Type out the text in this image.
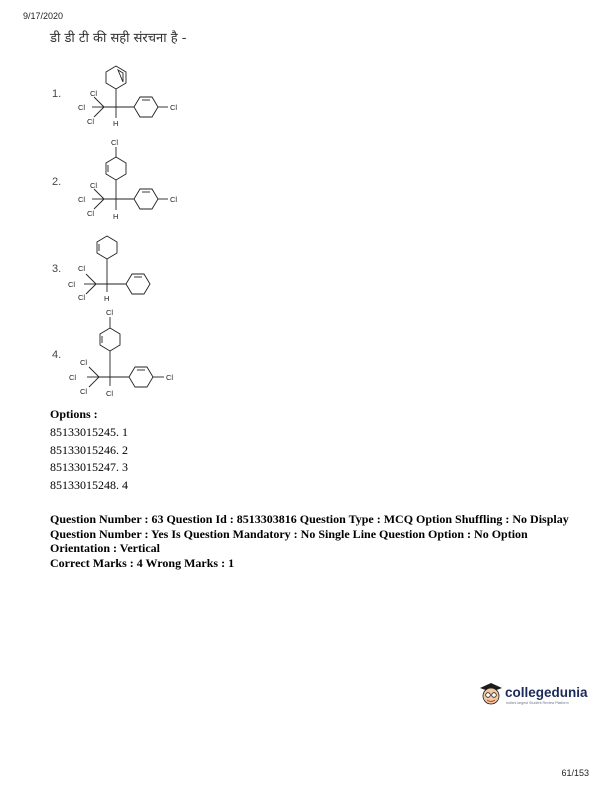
9/17/2020
डी डी टी की सही संरचना है -
1.	Cl
Cl
Cl	H
Cl
2.
Cl
Cl
Cl
Cl	H
Cl
3. Cl
Cl
Cl	H
4.
Cl
Cl
Cl
Cl	Cl
Cl
Options :
85133015245. 1
85133015246. 2
85133015247. 3
85133015248. 4
Question Number : 63 Question Id : 8513303816 Question Type : MCQ Option Shuffling : No Display
Question Number : Yes Is Question Mandatory : No Single Line Question Option : No Option
Orientation : Vertical
Correct Marks : 4 Wrong Marks : 1
collegedunia
India's largest Student Review Platform
61/153
